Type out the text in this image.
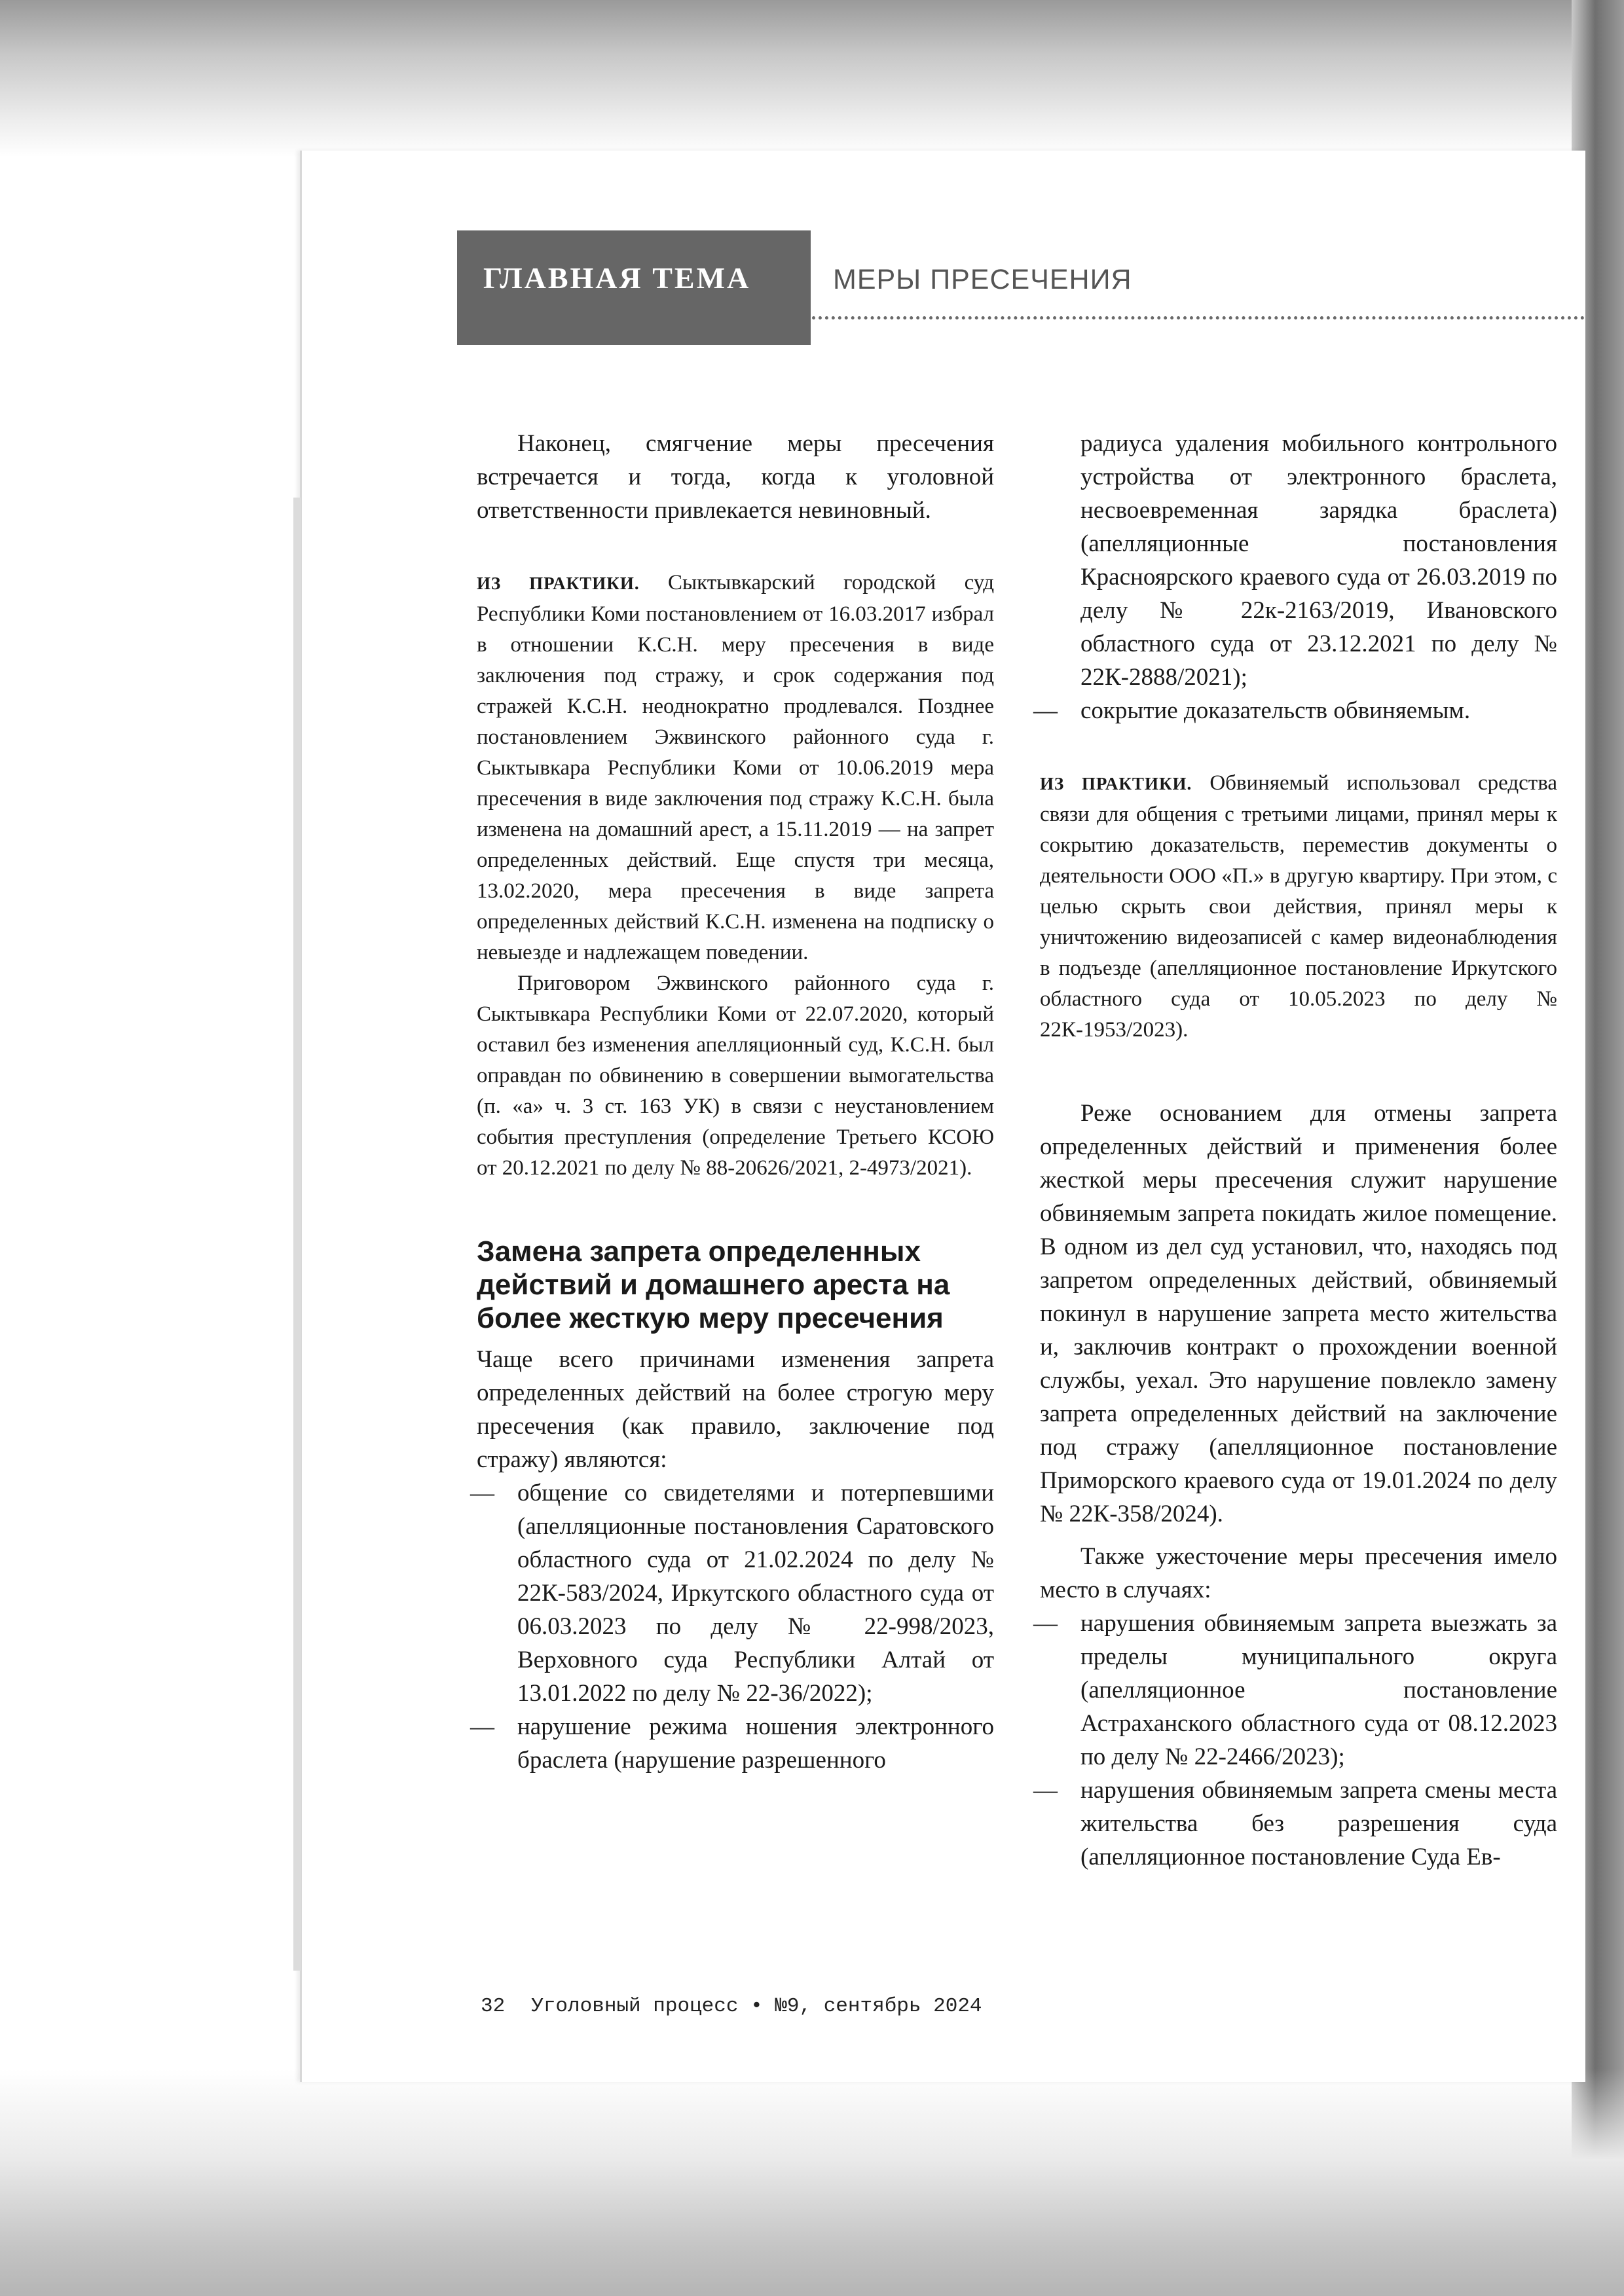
ГЛАВНАЯ ТЕМА	МЕРЫ ПРЕСЕЧЕНИЯ

Наконец, смягчение меры пресечения встречается и тогда, когда к уголовной ответственности привлекается невиновный.

ИЗ ПРАКТИКИ. Сыктывкарский городской суд Республики Коми постановлением от 16.03.2017 избрал в отношении К.С.Н. меру пресечения в виде заключения под стражу, и срок содержания под стражей К.С.Н. неоднократно продлевался. Позднее постановлением Эжвинского районного суда г. Сыктывкара Республики Коми от 10.06.2019 мера пресечения в виде заключения под стражу К.С.Н. была изменена на домашний арест, а 15.11.2019 — на запрет определенных действий. Еще спустя три месяца, 13.02.2020, мера пресечения в виде запрета определенных действий К.С.Н. изменена на подписку о невыезде и надлежащем поведении.

Приговором Эжвинского районного суда г. Сыктывкара Республики Коми от 22.07.2020, который оставил без изменения апелляционный суд, К.С.Н. был оправдан по обвинению в совершении вымогательства (п. «а» ч. 3 ст. 163 УК) в связи с неустановлением события преступления (определение Третьего КСОЮ от 20.12.2021 по делу № 88-20626/2021, 2-4973/2021).

Замена запрета определенных действий и домашнего ареста на более жесткую меру пресечения

Чаще всего причинами изменения запрета определенных действий на более строгую меру пресечения (как правило, заключение под стражу) являются:

— общение со свидетелями и потерпевшими (апелляционные постановления Саратовского областного суда от 21.02.2024 по делу № 22К-583/2024, Иркутского областного суда от 06.03.2023 по делу № 22-998/2023, Верховного суда Республики Алтай от 13.01.2022 по делу № 22-36/2022);
— нарушение режима ношения электронного браслета (нарушение разрешенного

радиуса удаления мобильного контрольного устройства от электронного браслета, несвоевременная зарядка браслета) (апелляционные постановления Красноярского краевого суда от 26.03.2019 по делу № 22к-2163/2019, Ивановского областного суда от 23.12.2021 по делу № 22К-2888/2021);

— сокрытие доказательств обвиняемым.

ИЗ ПРАКТИКИ. Обвиняемый использовал средства связи для общения с третьими лицами, принял меры к сокрытию доказательств, переместив документы о деятельности ООО «П.» в другую квартиру. При этом, с целью скрыть свои действия, принял меры к уничтожению видеозаписей с камер видеонаблюдения в подъезде (апелляционное постановление Иркутского областного суда от 10.05.2023 по делу № 22К-1953/2023).

Реже основанием для отмены запрета определенных действий и применения более жесткой меры пресечения служит нарушение обвиняемым запрета покидать жилое помещение. В одном из дел суд установил, что, находясь под запретом определенных действий, обвиняемый покинул в нарушение запрета место жительства и, заключив контракт о прохождении военной службы, уехал. Это нарушение повлекло замену запрета определенных действий на заключение под стражу (апелляционное постановление Приморского краевого суда от 19.01.2024 по делу № 22К-358/2024).

Также ужесточение меры пресечения имело место в случаях:

— нарушения обвиняемым запрета выезжать за пределы муниципального округа (апелляционное постановление Астраханского областного суда от 08.12.2023 по делу № 22-2466/2023);
— нарушения обвиняемым запрета смены места жительства без разрешения суда (апелляционное постановление Суда Ев-
32 Уголовный процесс • №9, сентябрь 2024
